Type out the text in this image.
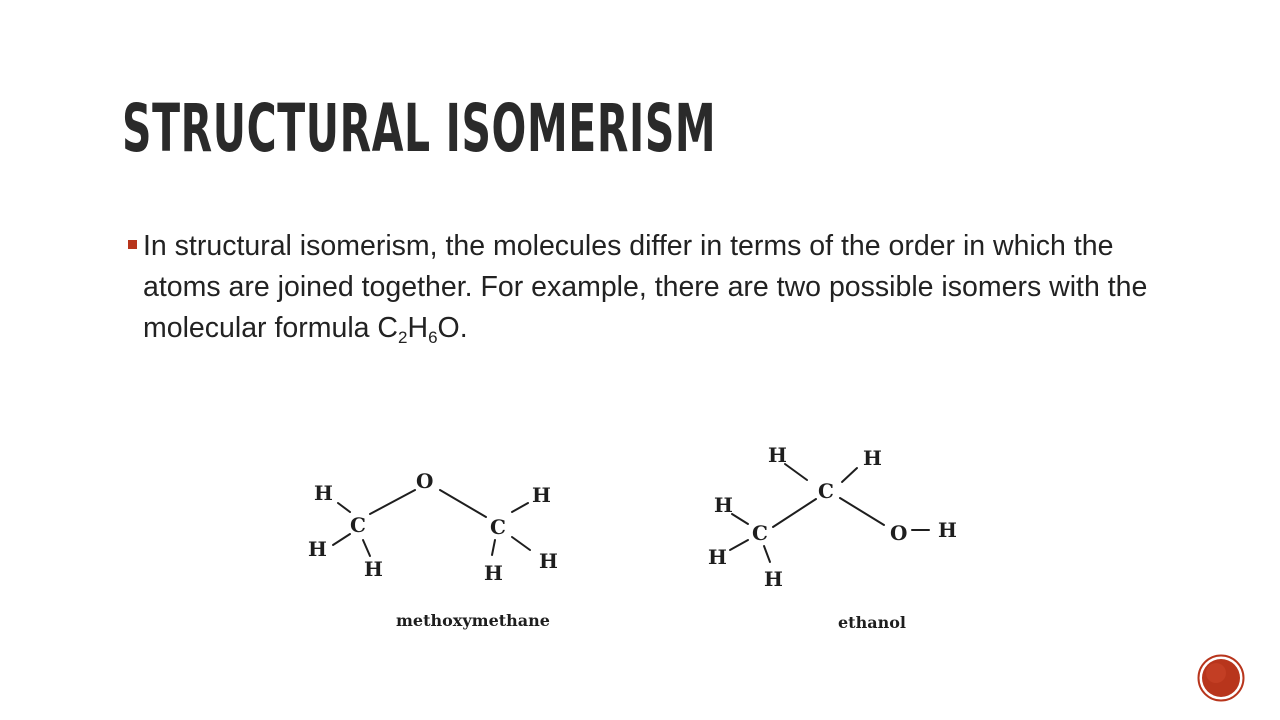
STRUCTURAL ISOMERISM
In structural isomerism, the molecules differ in terms of the order in which the atoms are joined together. For example, there are two possible isomers with the molecular formula $C_2H_6O$.
O
C	C
H
H
H
H
H H
methoxymethane
C
C	O
H	H
H
H
H
H
ethanol
